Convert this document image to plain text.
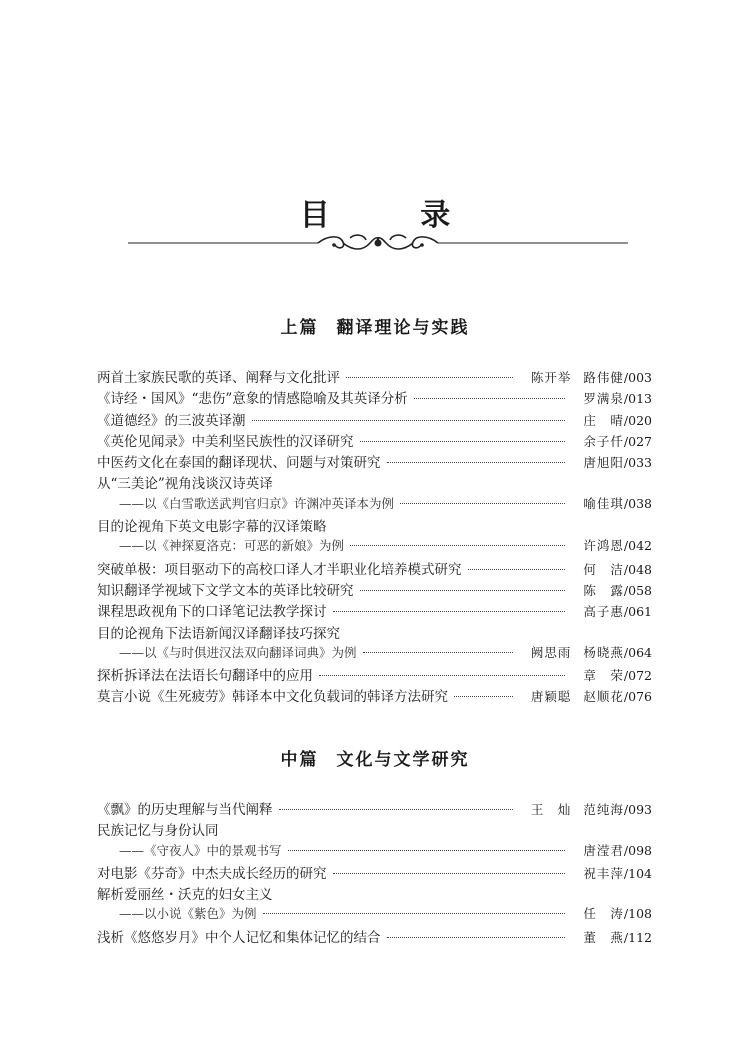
目 录
上篇 翻译理论与实践
两首土家族民歌的英译、阐释与文化批评	陈开举 路伟健 / 003
《诗经・国风》“悲伤”意象的情感隐喻及其英译分析	罗满泉 / 013
《道德经》的三波英译潮	庄　晴 / 020
《英伦见闻录》中美利坚民族性的汉译研究	余子仟 / 027
中医药文化在泰国的翻译现状、问题与对策研究	唐旭阳 / 033
从“三美论”视角浅谈汉诗英译
——以《白雪歌送武判官归京》许渊冲英译本为例	喻佳琪 / 038
目的论视角下英文电影字幕的汉译策略
——以《神探夏洛克：可恶的新娘》为例	许鸿恩 / 042
突破单极：项目驱动下的高校口译人才半职业化培养模式研究	何　洁 / 048
知识翻译学视域下文学文本的英译比较研究	陈　露 / 058
课程思政视角下的口译笔记法教学探讨	高子惠 / 061
目的论视角下法语新闻汉译翻译技巧探究
——以《与时俱进汉法双向翻译词典》为例	阙思雨 杨晓燕 / 064
探析拆译法在法语长句翻译中的应用	章　荣 / 072
莫言小说《生死疲劳》韩译本中文化负载词的韩译方法研究	唐颖聪 赵顺花 / 076
中篇 文化与文学研究
《飘》的历史理解与当代阐释	王　灿 范纯海 / 093
民族记忆与身份认同
——《守夜人》中的景观书写	唐滢君 / 098
对电影《芬奇》中杰夫成长经历的研究	祝丰萍 / 104
解析爱丽丝・沃克的妇女主义
——以小说《紫色》为例	任　涛 / 108
浅析《悠悠岁月》中个人记忆和集体记忆的结合	董　燕 / 112
